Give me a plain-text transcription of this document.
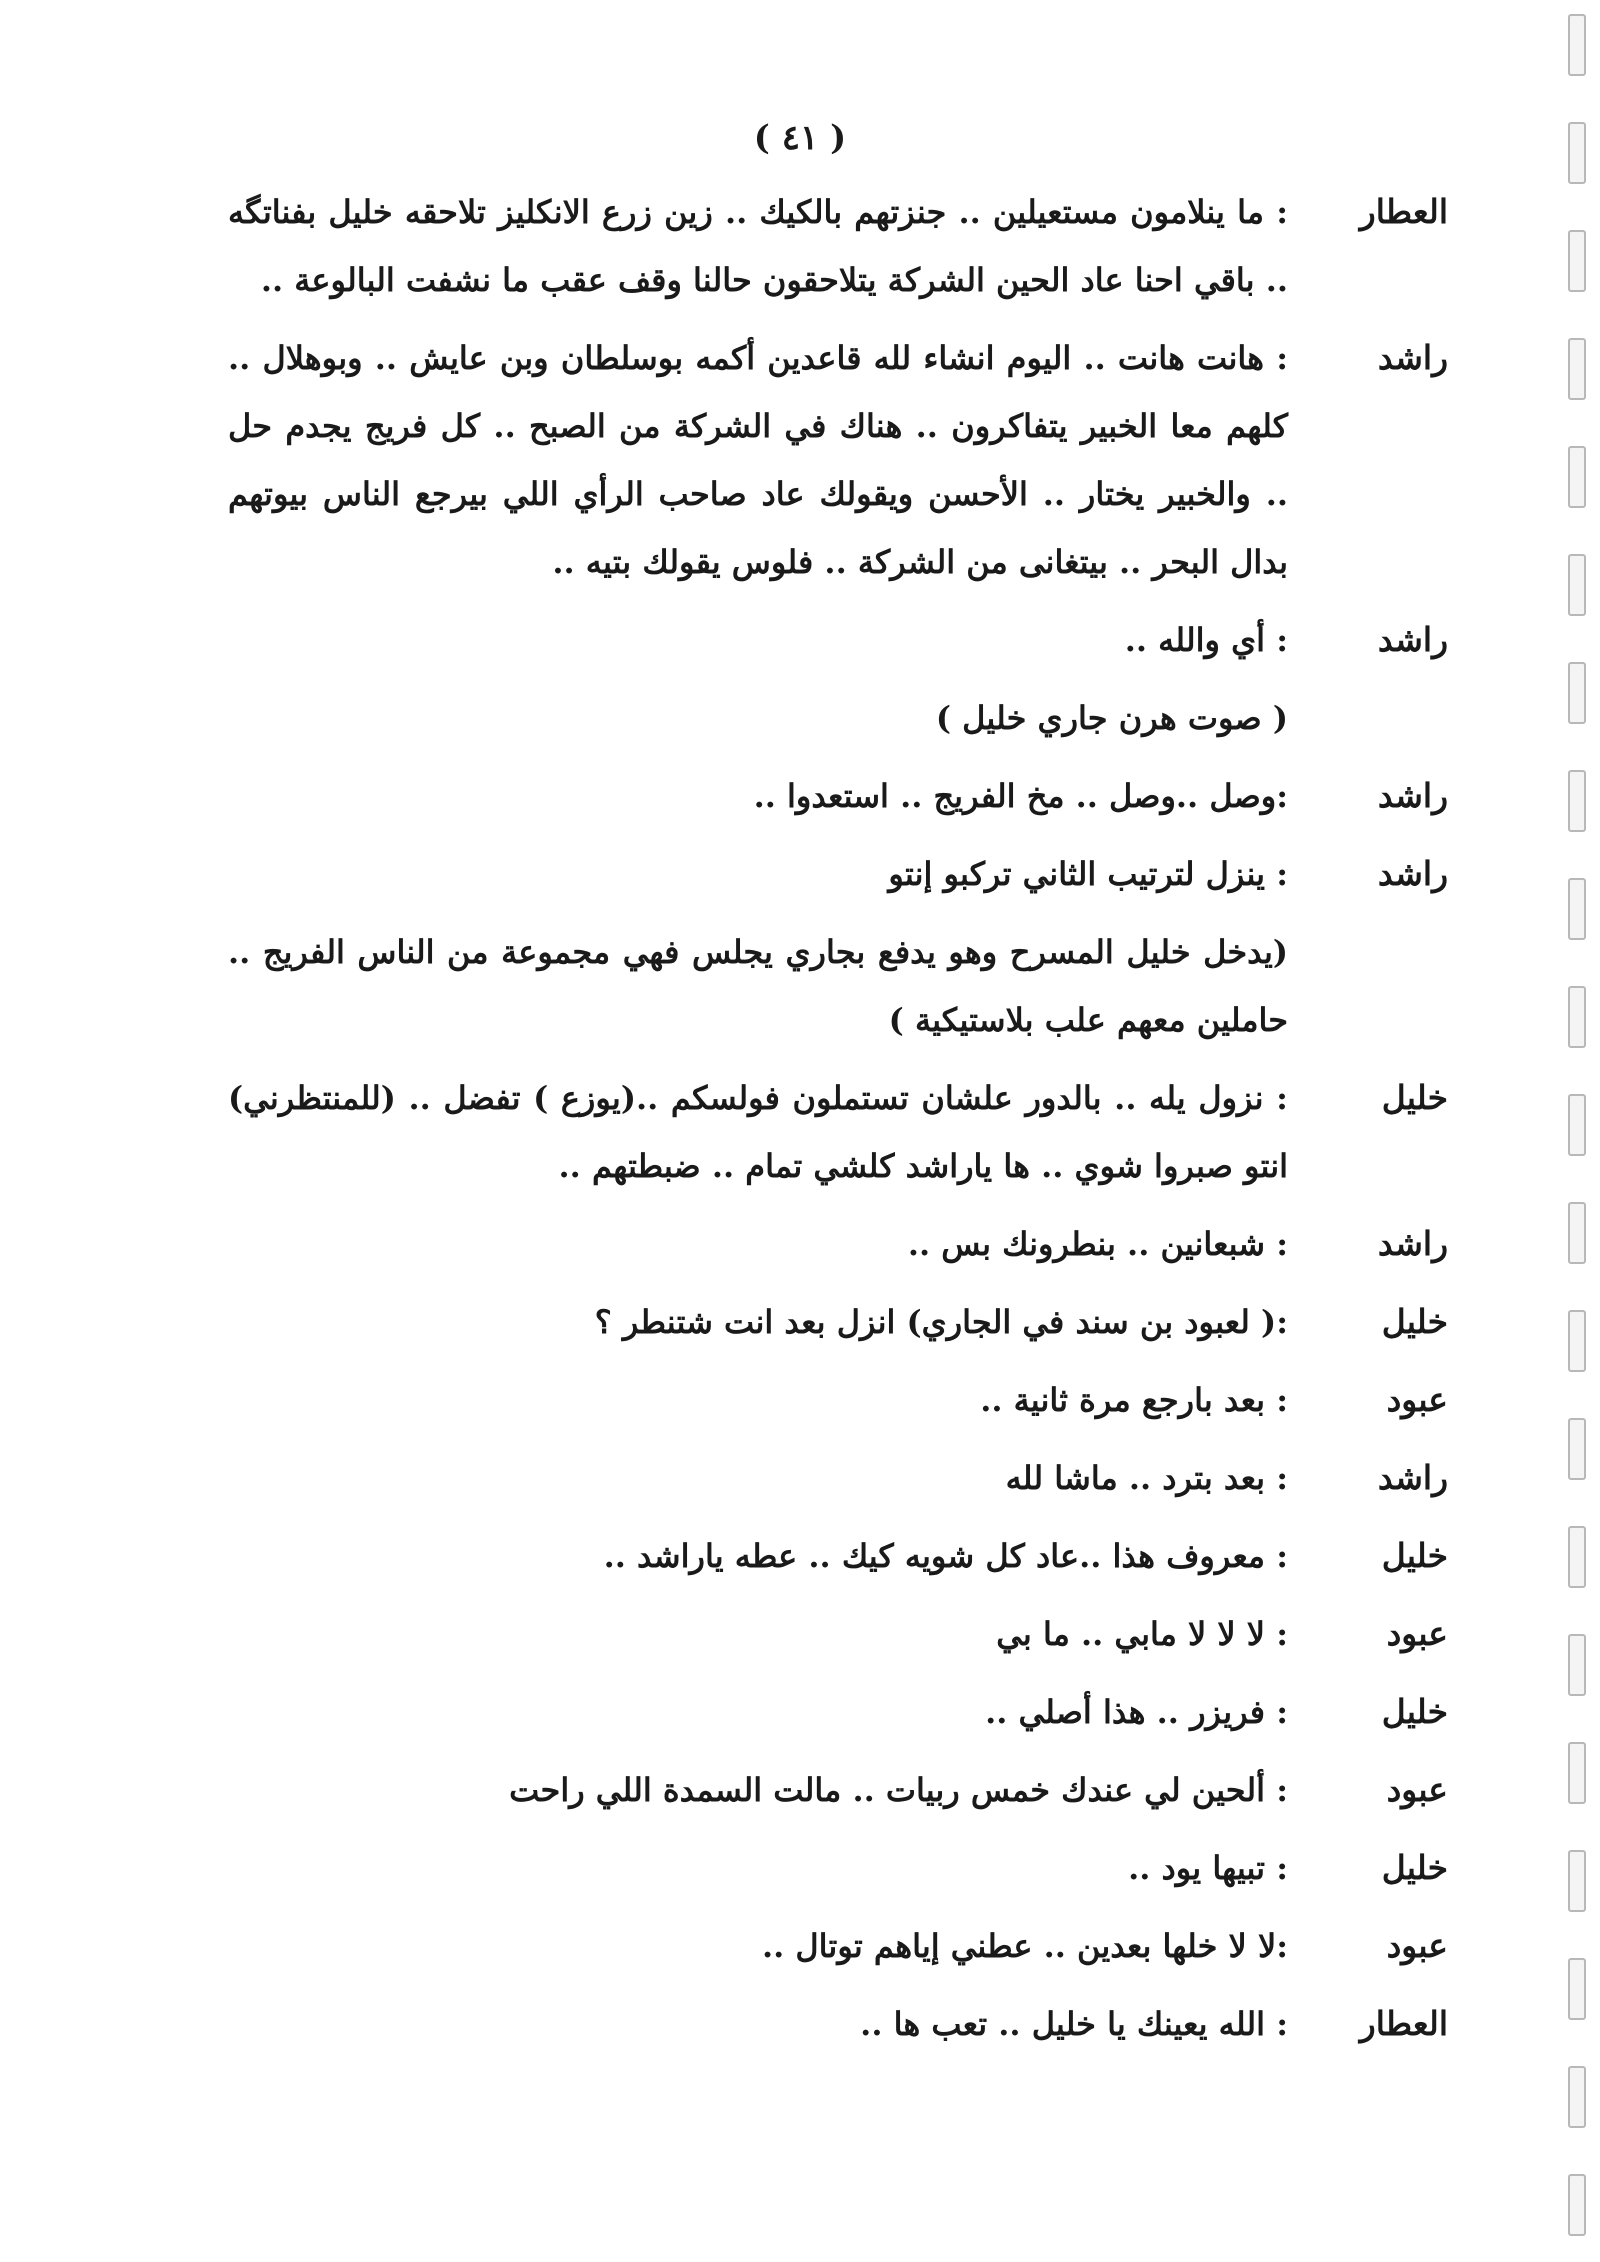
( ٤١ )
العطار
: ما ينلامون مستعيلين .. جنزتهم بالكيك .. زين زرع الانكليز تلاحقه خليل بفناتگه .. باقي احنا عاد الحين الشركة يتلاحقون حالنا وقف عقب ما نشفت البالوعة ..
راشد
: هانت هانت .. اليوم انشاء لله قاعدين أكمه بوسلطان وبن عايش .. وبوهلال .. كلهم معا الخبير يتفاكرون .. هناك في الشركة من الصبح .. كل فريج يجدم حل .. والخبير يختار .. الأحسن ويقولك عاد صاحب الرأي اللي بيرجع الناس بيوتهم بدال البحر .. بيتغانى من الشركة .. فلوس يقولك بتيه ..
راشد
: أي والله ..
( صوت هرن جاري خليل )
راشد
:وصل ..وصل .. مخ الفريج .. استعدوا ..
راشد
: ينزل لترتيب الثاني تركبو إنتو
(يدخل خليل المسرح وهو يدفع بجاري يجلس فهي مجموعة من الناس الفريج .. حاملين معهم علب بلاستيكية )
خليل
: نزول يله .. بالدور علشان تستملون فولسكم ..(يوزع ) تفضل .. (للمنتظرني) انتو صبروا شوي .. ها ياراشد كلشي تمام .. ضبطتهم ..
راشد
: شبعانين .. بنطرونك بس ..
خليل
:( لعبود بن سند في الجاري) انزل بعد انت شتنطر ؟
عبود
: بعد بارجع مرة ثانية ..
راشد
: بعد بترد .. ماشا لله
خليل
: معروف هذا ..عاد كل شويه كيك .. عطه ياراشد ..
عبود
: لا لا لا مابي .. ما بي
خليل
: فريزر .. هذا أصلي ..
عبود
: ألحين لي عندك خمس ربيات .. مالت السمدة اللي راحت
خليل
: تبيها يود ..
عبود
:لا لا خلها بعدين .. عطني إياهم توتال ..
العطار
: الله يعينك يا خليل .. تعب ها ..
